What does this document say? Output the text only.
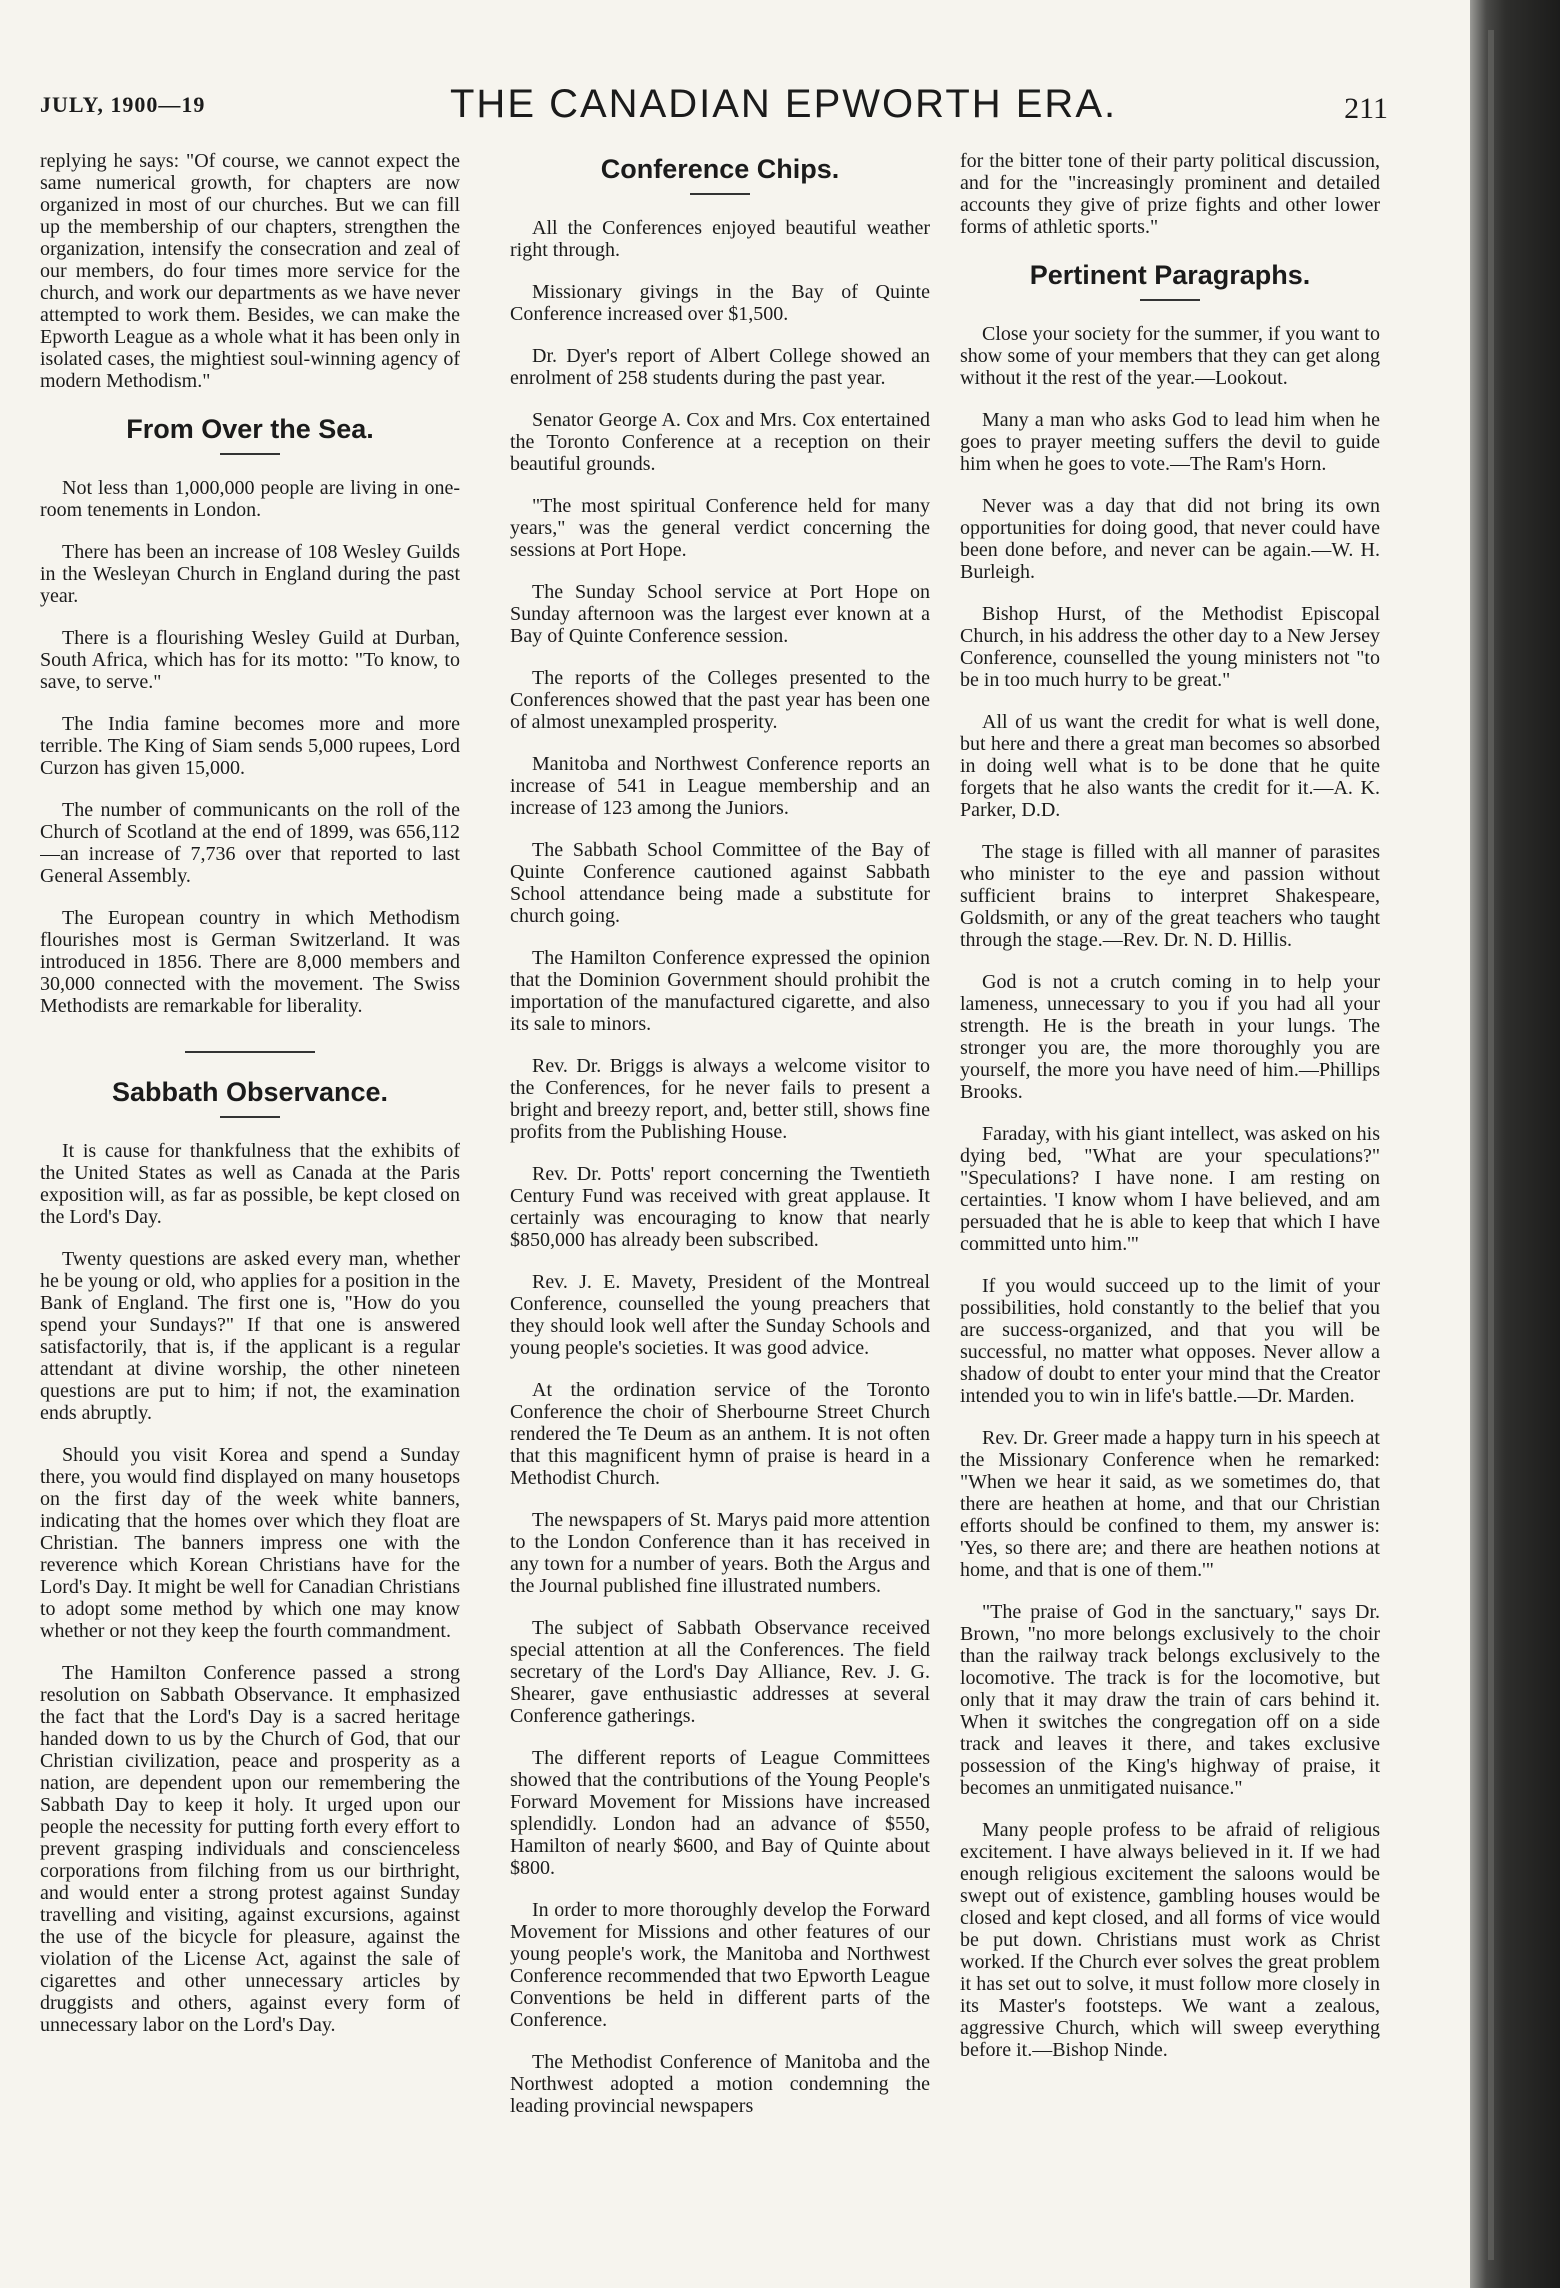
JULY, 1900—19	THE CANADIAN EPWORTH ERA.	211

replying he says: "Of course, we cannot expect the same numerical growth, for chapters are now organized in most of our churches. But we can fill up the membership of our chapters, strengthen the organization, intensify the consecration and zeal of our members, do four times more service for the church, and work our departments as we have never attempted to work them. Besides, we can make the Epworth League as a whole what it has been only in isolated cases, the mightiest soul-winning agency of modern Methodism."

From Over the Sea.

Not less than 1,000,000 people are living in one-room tenements in London.

There has been an increase of 108 Wesley Guilds in the Wesleyan Church in England during the past year.

There is a flourishing Wesley Guild at Durban, South Africa, which has for its motto: "To know, to save, to serve."

The India famine becomes more and more terrible. The King of Siam sends 5,000 rupees, Lord Curzon has given 15,000.

The number of communicants on the roll of the Church of Scotland at the end of 1899, was 656,112—an increase of 7,736 over that reported to last General Assembly.

The European country in which Methodism flourishes most is German Switzerland. It was introduced in 1856. There are 8,000 members and 30,000 connected with the movement. The Swiss Methodists are remarkable for liberality.

Sabbath Observance.

It is cause for thankfulness that the exhibits of the United States as well as Canada at the Paris exposition will, as far as possible, be kept closed on the Lord's Day.

Twenty questions are asked every man, whether he be young or old, who applies for a position in the Bank of England. The first one is, "How do you spend your Sundays?" If that one is answered satisfactorily, that is, if the applicant is a regular attendant at divine worship, the other nineteen questions are put to him; if not, the examination ends abruptly.

Should you visit Korea and spend a Sunday there, you would find displayed on many housetops on the first day of the week white banners, indicating that the homes over which they float are Christian. The banners impress one with the reverence which Korean Christians have for the Lord's Day. It might be well for Canadian Christians to adopt some method by which one may know whether or not they keep the fourth commandment.

The Hamilton Conference passed a strong resolution on Sabbath Observance. It emphasized the fact that the Lord's Day is a sacred heritage handed down to us by the Church of God, that our Christian civilization, peace and prosperity as a nation, are dependent upon our remembering the Sabbath Day to keep it holy. It urged upon our people the necessity for putting forth every effort to prevent grasping individuals and conscienceless corporations from filching from us our birthright, and would enter a strong protest against Sunday travelling and visiting, against excursions, against the use of the bicycle for pleasure, against the violation of the License Act, against the sale of cigarettes and other unnecessary articles by druggists and others, against every form of unnecessary labor on the Lord's Day.

Conference Chips.

All the Conferences enjoyed beautiful weather right through.

Missionary givings in the Bay of Quinte Conference increased over $1,500.

Dr. Dyer's report of Albert College showed an enrolment of 258 students during the past year.

Senator George A. Cox and Mrs. Cox entertained the Toronto Conference at a reception on their beautiful grounds.

"The most spiritual Conference held for many years," was the general verdict concerning the sessions at Port Hope.

The Sunday School service at Port Hope on Sunday afternoon was the largest ever known at a Bay of Quinte Conference session.

The reports of the Colleges presented to the Conferences showed that the past year has been one of almost unexampled prosperity.

Manitoba and Northwest Conference reports an increase of 541 in League membership and an increase of 123 among the Juniors.

The Sabbath School Committee of the Bay of Quinte Conference cautioned against Sabbath School attendance being made a substitute for church going.

The Hamilton Conference expressed the opinion that the Dominion Government should prohibit the importation of the manufactured cigarette, and also its sale to minors.

Rev. Dr. Briggs is always a welcome visitor to the Conferences, for he never fails to present a bright and breezy report, and, better still, shows fine profits from the Publishing House.

Rev. Dr. Potts' report concerning the Twentieth Century Fund was received with great applause. It certainly was encouraging to know that nearly $850,000 has already been subscribed.

Rev. J. E. Mavety, President of the Montreal Conference, counselled the young preachers that they should look well after the Sunday Schools and young people's societies. It was good advice.

At the ordination service of the Toronto Conference the choir of Sherbourne Street Church rendered the Te Deum as an anthem. It is not often that this magnificent hymn of praise is heard in a Methodist Church.

The newspapers of St. Marys paid more attention to the London Conference than it has received in any town for a number of years. Both the Argus and the Journal published fine illustrated numbers.

The subject of Sabbath Observance received special attention at all the Conferences. The field secretary of the Lord's Day Alliance, Rev. J. G. Shearer, gave enthusiastic addresses at several Conference gatherings.

The different reports of League Committees showed that the contributions of the Young People's Forward Movement for Missions have increased splendidly. London had an advance of $550, Hamilton of nearly $600, and Bay of Quinte about $800.

In order to more thoroughly develop the Forward Movement for Missions and other features of our young people's work, the Manitoba and Northwest Conference recommended that two Epworth League Conventions be held in different parts of the Conference.

The Methodist Conference of Manitoba and the Northwest adopted a motion condemning the leading provincial newspapers

for the bitter tone of their party political discussion, and for the "increasingly prominent and detailed accounts they give of prize fights and other lower forms of athletic sports."

Pertinent Paragraphs.

Close your society for the summer, if you want to show some of your members that they can get along without it the rest of the year.—Lookout.

Many a man who asks God to lead him when he goes to prayer meeting suffers the devil to guide him when he goes to vote.—The Ram's Horn.

Never was a day that did not bring its own opportunities for doing good, that never could have been done before, and never can be again.—W. H. Burleigh.

Bishop Hurst, of the Methodist Episcopal Church, in his address the other day to a New Jersey Conference, counselled the young ministers not "to be in too much hurry to be great."

All of us want the credit for what is well done, but here and there a great man becomes so absorbed in doing well what is to be done that he quite forgets that he also wants the credit for it.—A. K. Parker, D.D.

The stage is filled with all manner of parasites who minister to the eye and passion without sufficient brains to interpret Shakespeare, Goldsmith, or any of the great teachers who taught through the stage.—Rev. Dr. N. D. Hillis.

God is not a crutch coming in to help your lameness, unnecessary to you if you had all your strength. He is the breath in your lungs. The stronger you are, the more thoroughly you are yourself, the more you have need of him.—Phillips Brooks.

Faraday, with his giant intellect, was asked on his dying bed, "What are your speculations?" "Speculations? I have none. I am resting on certainties. 'I know whom I have believed, and am persuaded that he is able to keep that which I have committed unto him.'"

If you would succeed up to the limit of your possibilities, hold constantly to the belief that you are success-organized, and that you will be successful, no matter what opposes. Never allow a shadow of doubt to enter your mind that the Creator intended you to win in life's battle.—Dr. Marden.

Rev. Dr. Greer made a happy turn in his speech at the Missionary Conference when he remarked: "When we hear it said, as we sometimes do, that there are heathen at home, and that our Christian efforts should be confined to them, my answer is: 'Yes, so there are; and there are heathen notions at home, and that is one of them.'"

"The praise of God in the sanctuary," says Dr. Brown, "no more belongs exclusively to the choir than the railway track belongs exclusively to the locomotive. The track is for the locomotive, but only that it may draw the train of cars behind it. When it switches the congregation off on a side track and leaves it there, and takes exclusive possession of the King's highway of praise, it becomes an unmitigated nuisance."

Many people profess to be afraid of religious excitement. I have always believed in it. If we had enough religious excitement the saloons would be swept out of existence, gambling houses would be closed and kept closed, and all forms of vice would be put down. Christians must work as Christ worked. If the Church ever solves the great problem it has set out to solve, it must follow more closely in its Master's footsteps. We want a zealous, aggressive Church, which will sweep everything before it.—Bishop Ninde.
